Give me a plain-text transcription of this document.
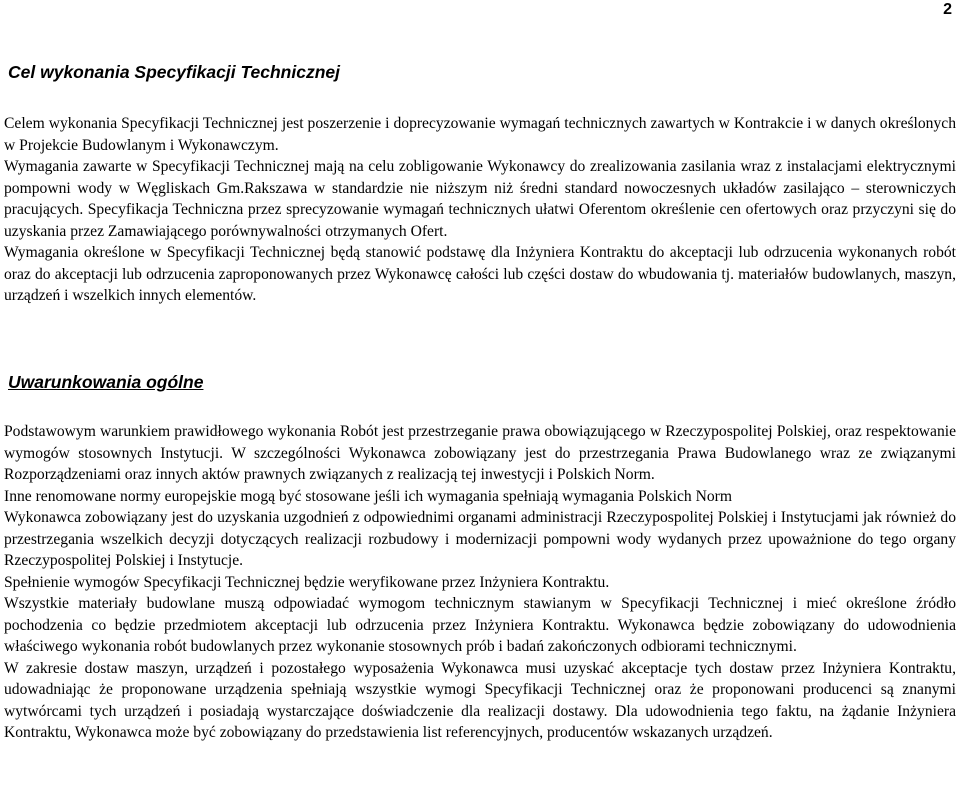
2
Cel wykonania Specyfikacji Technicznej

Celem wykonania Specyfikacji Technicznej jest poszerzenie i doprecyzowanie wymagań technicznych zawartych w Kontrakcie i w danych określonych w Projekcie Budowlanym i Wykonawczym.

Wymagania zawarte w Specyfikacji Technicznej mają na celu zobligowanie Wykonawcy do zrealizowania zasilania wraz z instalacjami elektrycznymi pompowni wody w Węgliskach Gm.Rakszawa w standardzie nie niższym niż średni standard nowoczesnych układów zasilająco – sterowniczych pracujących. Specyfikacja Techniczna przez sprecyzowanie wymagań technicznych ułatwi Oferentom określenie cen ofertowych oraz przyczyni się do uzyskania przez Zamawiającego porównywalności otrzymanych Ofert.

Wymagania określone w Specyfikacji Technicznej będą stanowić podstawę dla Inżyniera Kontraktu do akceptacji lub odrzucenia wykonanych robót oraz do akceptacji lub odrzucenia zaproponowanych przez Wykonawcę całości lub części dostaw do wbudowania tj. materiałów budowlanych, maszyn, urządzeń i wszelkich innych elementów.

Uwarunkowania ogólne

Podstawowym warunkiem prawidłowego wykonania Robót jest przestrzeganie prawa obowiązującego w Rzeczypospolitej Polskiej, oraz respektowanie wymogów stosownych Instytucji. W szczególności Wykonawca zobowiązany jest do przestrzegania Prawa Budowlanego wraz ze związanymi Rozporządzeniami oraz innych aktów prawnych związanych z realizacją tej inwestycji i Polskich Norm.

Inne renomowane normy europejskie mogą być stosowane jeśli ich wymagania spełniają wymagania Polskich Norm

Wykonawca zobowiązany jest do uzyskania uzgodnień z odpowiednimi organami administracji Rzeczypospolitej Polskiej i Instytucjami jak również do przestrzegania wszelkich decyzji dotyczących realizacji rozbudowy i modernizacji pompowni wody wydanych przez upoważnione do tego organy Rzeczypospolitej Polskiej i Instytucje.

Spełnienie wymogów Specyfikacji Technicznej będzie weryfikowane przez Inżyniera Kontraktu.

Wszystkie materiały budowlane muszą odpowiadać wymogom technicznym stawianym w Specyfikacji Technicznej i mieć określone źródło pochodzenia co będzie przedmiotem akceptacji lub odrzucenia przez Inżyniera Kontraktu. Wykonawca będzie zobowiązany do udowodnienia właściwego wykonania robót budowlanych przez wykonanie stosownych prób i badań zakończonych odbiorami technicznymi.

W zakresie dostaw maszyn, urządzeń i pozostałego wyposażenia Wykonawca musi uzyskać akceptacje tych dostaw przez Inżyniera Kontraktu, udowadniając że proponowane urządzenia spełniają wszystkie wymogi Specyfikacji Technicznej oraz że proponowani producenci są znanymi wytwórcami tych urządzeń i posiadają wystarczające doświadczenie dla realizacji dostawy. Dla udowodnienia tego faktu, na żądanie Inżyniera Kontraktu, Wykonawca może być zobowiązany do przedstawienia list referencyjnych, producentów wskazanych urządzeń.
